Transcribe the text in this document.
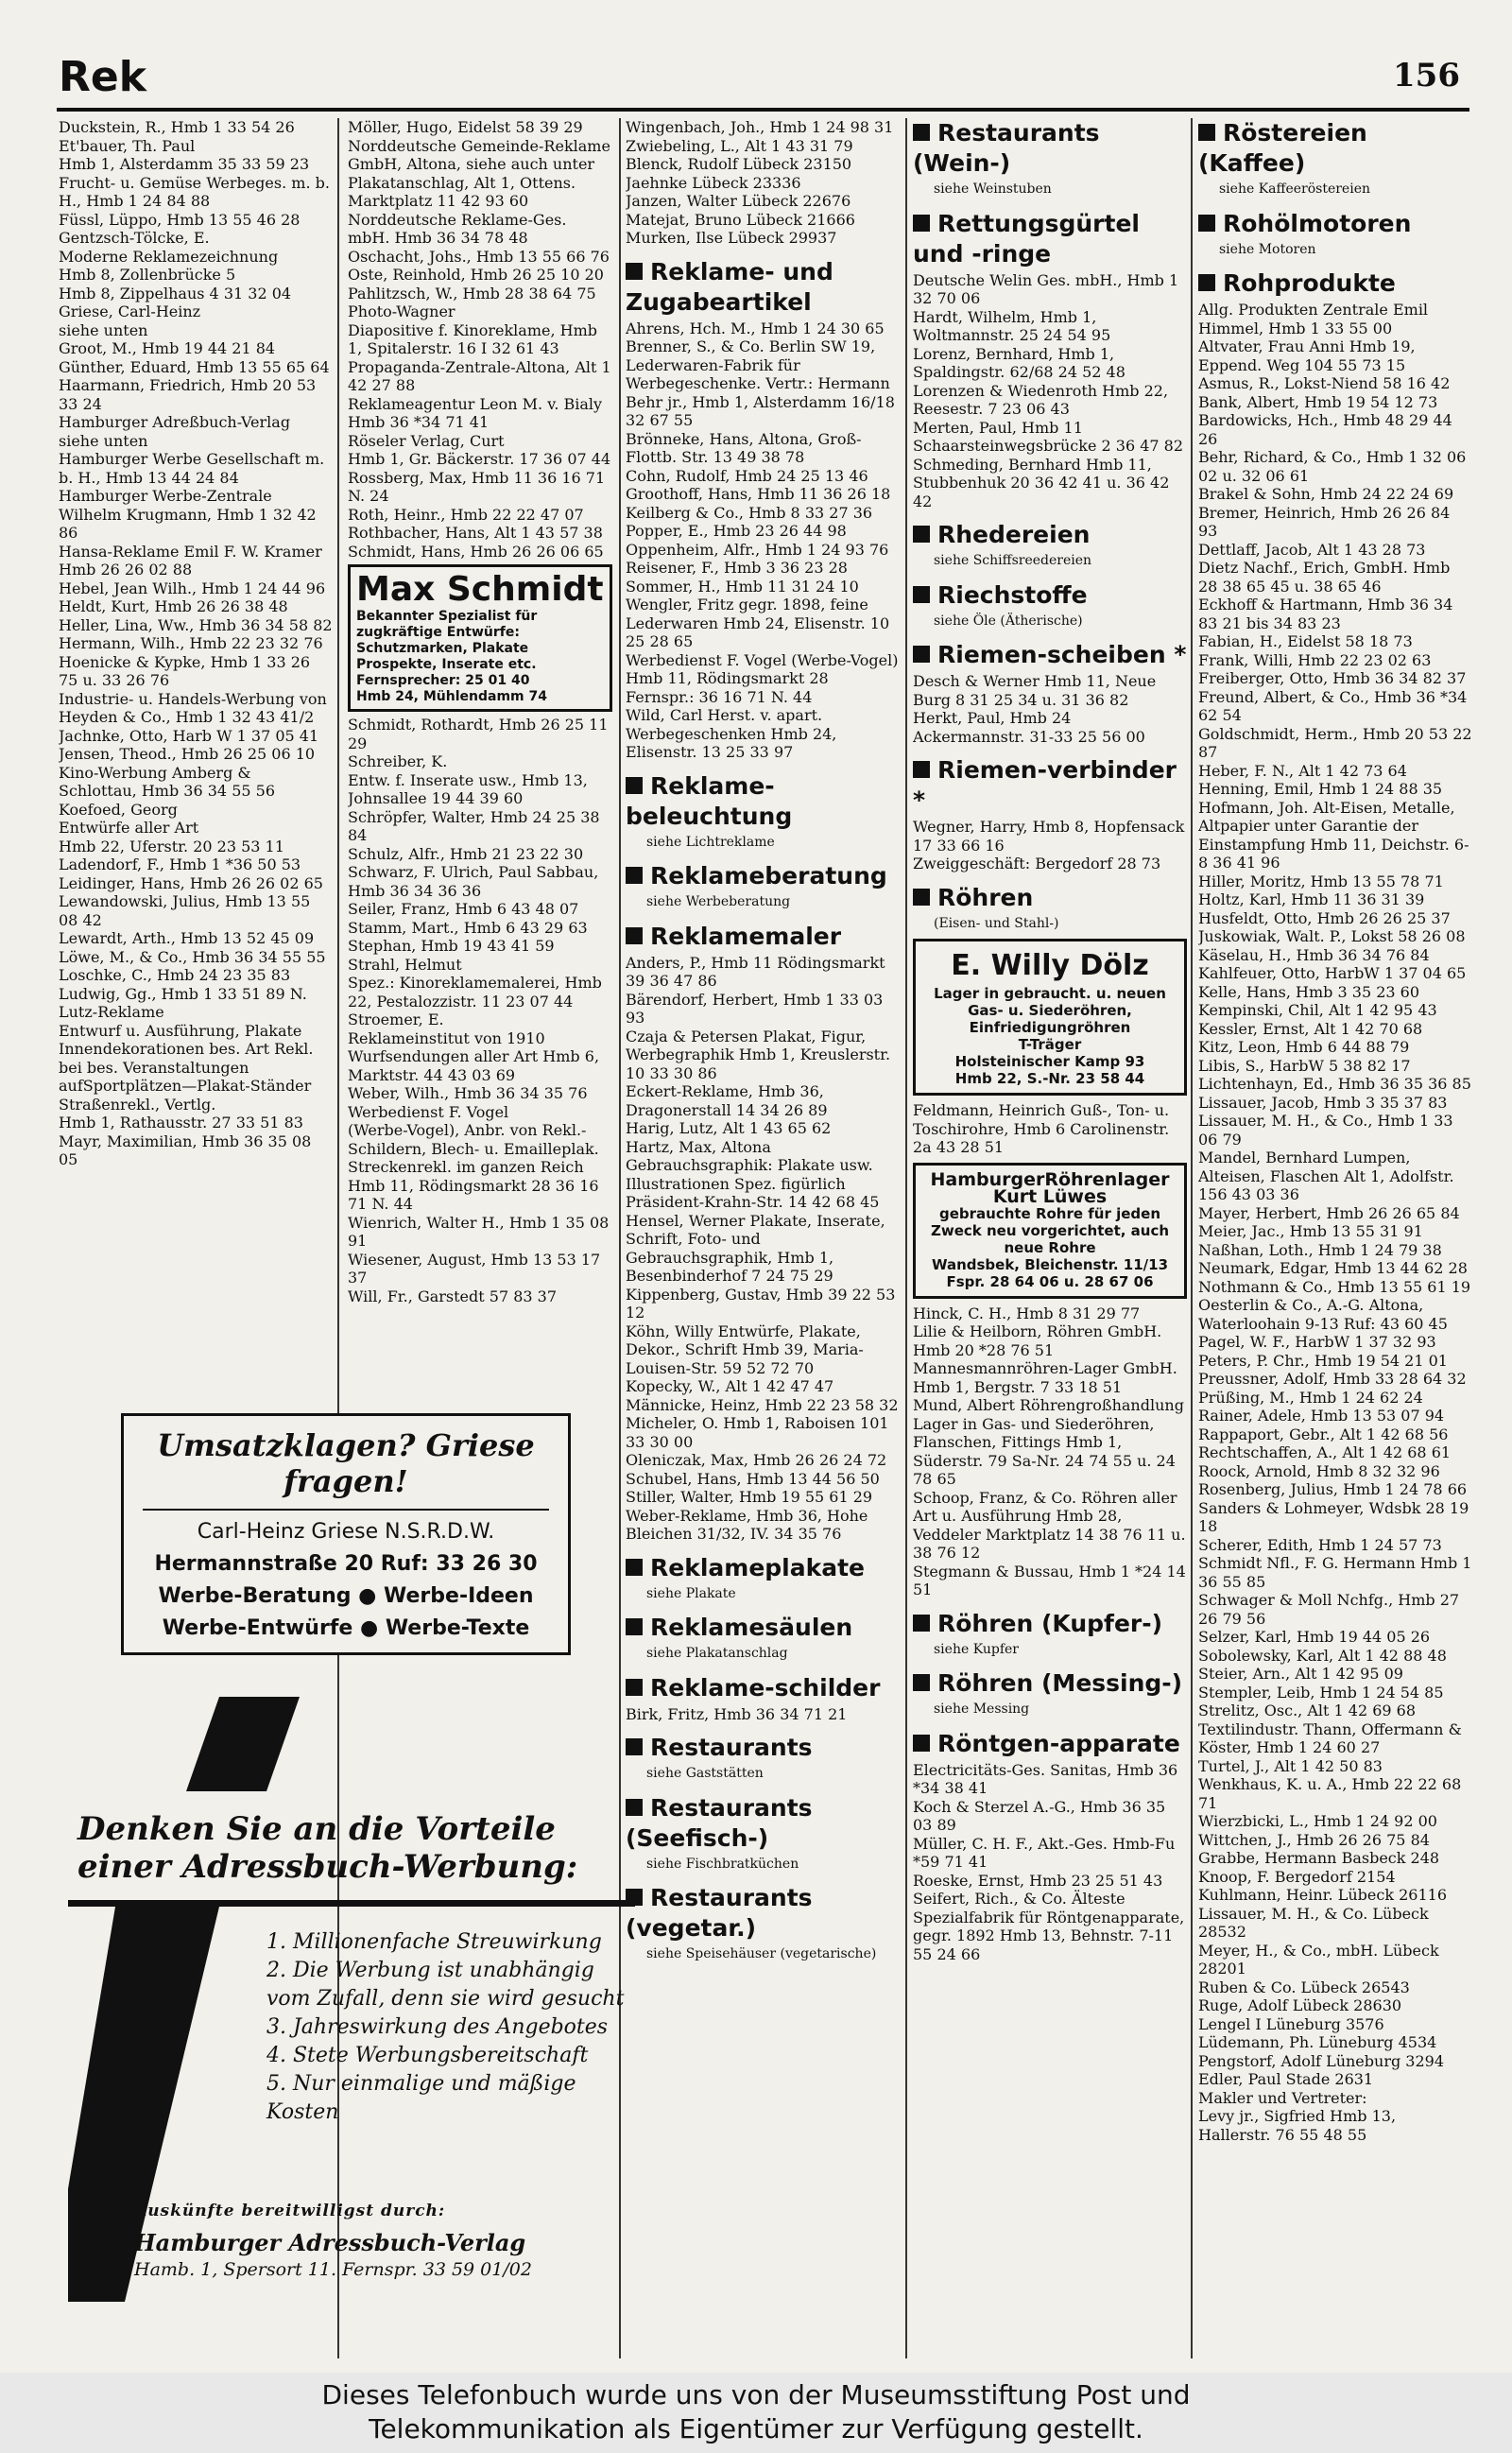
Rek	156
Duckstein, R., Hmb 1 33 54 26
Et'bauer, Th. Paul
Hmb 1, Alsterdamm 35 33 59 23
Frucht- u. Gemüse Werbeges. m. b. H., Hmb 1 24 84 88
Füssl, Lüppo, Hmb 13 55 46 28
Gentzsch-Tölcke, E.
Moderne Reklamezeichnung
Hmb 8, Zollenbrücke 5
Hmb 8, Zippelhaus 4 31 32 04
Griese, Carl-Heinz
siehe unten
Groot, M., Hmb 19 44 21 84
Günther, Eduard, Hmb 13 55 65 64
Haarmann, Friedrich, Hmb 20 53 33 24
Hamburger Adreßbuch-Verlag siehe unten
Hamburger Werbe Gesellschaft m. b. H., Hmb 13 44 24 84
Hamburger Werbe-Zentrale Wilhelm Krugmann, Hmb 1 32 42 86
Hansa-Reklame Emil F. W. Kramer Hmb 26 26 02 88
Hebel, Jean Wilh., Hmb 1 24 44 96
Heldt, Kurt, Hmb 26 26 38 48
Heller, Lina, Ww., Hmb 36 34 58 82
Hermann, Wilh., Hmb 22 23 32 76
Hoenicke & Kypke, Hmb 1 33 26 75 u. 33 26 76
Industrie- u. Handels-Werbung von Heyden & Co., Hmb 1 32 43 41/2
Jachnke, Otto, Harb W 1 37 05 41
Jensen, Theod., Hmb 26 25 06 10
Kino-Werbung Amberg & Schlottau, Hmb 36 34 55 56
Koefoed, Georg
Entwürfe aller Art
Hmb 22, Uferstr. 20 23 53 11
Ladendorf, F., Hmb 1 *36 50 53
Leidinger, Hans, Hmb 26 26 02 65
Lewandowski, Julius, Hmb 13 55 08 42
Lewardt, Arth., Hmb 13 52 45 09
Löwe, M., & Co., Hmb 36 34 55 55
Loschke, C., Hmb 24 23 35 83
Ludwig, Gg., Hmb 1 33 51 89 N.
Lutz-Reklame
Entwurf u. Ausführung, Plakate Innendekorationen bes. Art Rekl. bei bes. Veranstaltungen aufSportplätzen—Plakat-Ständer Straßenrekl., Vertlg.
Hmb 1, Rathausstr. 27 33 51 83
Mayr, Maximilian, Hmb 36 35 08 05
Umsatzklagen? Griese fragen!
Carl-Heinz Griese N.S.R.D.W.
Hermannstraße 20 Ruf: 33 26 30
Werbe-Beratung ● Werbe-Ideen
Werbe-Entwürfe ● Werbe-Texte
Denken Sie an die Vorteile
einer Adressbuch-Werbung:
1. Millionenfache Streuwirkung
2. Die Werbung ist unabhängig vom Zufall, denn sie wird gesucht
3. Jahreswirkung des Angebotes
4. Stete Werbungsbereitschaft
5. Nur einmalige und mäßige Kosten
Auskünfte bereitwilligst durch:
Hamburger Adressbuch-Verlag
Hamb. 1, Spersort 11. Fernspr. 33 59 01/02
Möller, Hugo, Eidelst 58 39 29
Norddeutsche Gemeinde-Reklame
GmbH, Altona, siehe auch unter Plakatanschlag, Alt 1, Ottens. Marktplatz 11 42 93 60
Norddeutsche Reklame-Ges. mbH. Hmb 36 34 78 48
Oschacht, Johs., Hmb 13 55 66 76
Oste, Reinhold, Hmb 26 25 10 20
Pahlitzsch, W., Hmb 28 38 64 75
Photo-Wagner
Diapositive f. Kinoreklame, Hmb 1, Spitalerstr. 16 I 32 61 43
Propaganda-Zentrale-Altona, Alt 1 42 27 88
Reklameagentur Leon M. v. Bialy Hmb 36 *34 71 41
Röseler Verlag, Curt
Hmb 1, Gr. Bäckerstr. 17 36 07 44
Rossberg, Max, Hmb 11 36 16 71 N. 24
Roth, Heinr., Hmb 22 22 47 07
Rothbacher, Hans, Alt 1 43 57 38
Schmidt, Hans, Hmb 26 26 06 65
Max Schmidt
Bekannter Spezialist für zugkräftige Entwürfe:
Schutzmarken, Plakate Prospekte, Inserate etc.
Fernsprecher: 25 01 40
Hmb 24, Mühlendamm 74
Schmidt, Rothardt, Hmb 26 25 11 29
Schreiber, K.
Entw. f. Inserate usw., Hmb 13, Johnsallee 19 44 39 60
Schröpfer, Walter, Hmb 24 25 38 84
Schulz, Alfr., Hmb 21 23 22 30
Schwarz, F. Ulrich, Paul Sabbau, Hmb 36 34 36 36
Seiler, Franz, Hmb 6 43 48 07
Stamm, Mart., Hmb 6 43 29 63
Stephan, Hmb 19 43 41 59
Strahl, Helmut
Spez.: Kinoreklamemalerei, Hmb 22, Pestalozzistr. 11 23 07 44
Stroemer, E.
Reklameinstitut von 1910 Wurfsendungen aller Art Hmb 6, Marktstr. 44 43 03 69
Weber, Wilh., Hmb 36 34 35 76
Werbedienst F. Vogel
(Werbe-Vogel), Anbr. von Rekl.-Schildern, Blech- u. Emailleplak. Streckenrekl. im ganzen Reich Hmb 11, Rödingsmarkt 28 36 16 71 N. 44
Wienrich, Walter H., Hmb 1 35 08 91
Wiesener, August, Hmb 13 53 17 37
Will, Fr., Garstedt 57 83 37
Wingenbach, Joh., Hmb 1 24 98 31
Zwiebeling, L., Alt 1 43 31 79
Blenck, Rudolf Lübeck 23150
Jaehnke Lübeck 23336
Janzen, Walter Lübeck 22676
Matejat, Bruno Lübeck 21666
Murken, Ilse Lübeck 29937
Reklame- und Zugabeartikel
Ahrens, Hch. M., Hmb 1 24 30 65
Brenner, S., & Co. Berlin SW 19, Lederwaren-Fabrik für Werbegeschenke. Vertr.: Hermann Behr jr., Hmb 1, Alsterdamm 16/18 32 67 55
Brönneke, Hans, Altona, Groß-Flottb. Str. 13 49 38 78
Cohn, Rudolf, Hmb 24 25 13 46
Groothoff, Hans, Hmb 11 36 26 18
Keilberg & Co., Hmb 8 33 27 36
Popper, E., Hmb 23 26 44 98
Oppenheim, Alfr., Hmb 1 24 93 76
Reisener, F., Hmb 3 36 23 28
Sommer, H., Hmb 11 31 24 10
Wengler, Fritz gegr. 1898, feine Lederwaren Hmb 24, Elisenstr. 10 25 28 65
Werbedienst F. Vogel (Werbe-Vogel) Hmb 11, Rödingsmarkt 28 Fernspr.: 36 16 71 N. 44
Wild, Carl Herst. v. apart. Werbegeschenken Hmb 24, Elisenstr. 13 25 33 97
Reklame-beleuchtung
siehe Lichtreklame
Reklameberatung
siehe Werbeberatung
Reklamemaler
Anders, P., Hmb 11 Rödingsmarkt 39 36 47 86
Bärendorf, Herbert, Hmb 1 33 03 93
Czaja & Petersen Plakat, Figur, Werbegraphik Hmb 1, Kreuslerstr. 10 33 30 86
Eckert-Reklame, Hmb 36, Dragonerstall 14 34 26 89
Harig, Lutz, Alt 1 43 65 62
Hartz, Max, Altona Gebrauchsgraphik: Plakate usw. Illustrationen Spez. figürlich Präsident-Krahn-Str. 14 42 68 45
Hensel, Werner Plakate, Inserate, Schrift, Foto- und Gebrauchsgraphik, Hmb 1, Besenbinderhof 7 24 75 29
Kippenberg, Gustav, Hmb 39 22 53 12
Köhn, Willy Entwürfe, Plakate, Dekor., Schrift Hmb 39, Maria-Louisen-Str. 59 52 72 70
Kopecky, W., Alt 1 42 47 47
Männicke, Heinz, Hmb 22 23 58 32
Micheler, O. Hmb 1, Raboisen 101 33 30 00
Oleniczak, Max, Hmb 26 26 24 72
Schubel, Hans, Hmb 13 44 56 50
Stiller, Walter, Hmb 19 55 61 29
Weber-Reklame, Hmb 36, Hohe Bleichen 31/32, IV. 34 35 76
Reklameplakate
siehe Plakate
Reklamesäulen
siehe Plakatanschlag
Reklame-schilder
Birk, Fritz, Hmb 36 34 71 21
Restaurants
siehe Gaststätten
Restaurants (Seefisch-)
siehe Fischbratküchen
Restaurants (vegetar.)
siehe Speisehäuser (vegetarische)
Restaurants (Wein-)
siehe Weinstuben
Rettungsgürtel und -ringe
Deutsche Welin Ges. mbH., Hmb 1 32 70 06
Hardt, Wilhelm, Hmb 1, Woltmannstr. 25 24 54 95
Lorenz, Bernhard, Hmb 1, Spaldingstr. 62/68 24 52 48
Lorenzen & Wiedenroth Hmb 22, Reesestr. 7 23 06 43
Merten, Paul, Hmb 11 Schaarsteinwegsbrücke 2 36 47 82
Schmeding, Bernhard Hmb 11, Stubbenhuk 20 36 42 41 u. 36 42 42
Rhedereien
siehe Schiffsreedereien
Riechstoffe
siehe Öle (Ätherische)
Riemen-scheiben *
Desch & Werner Hmb 11, Neue Burg 8 31 25 34 u. 31 36 82
Herkt, Paul, Hmb 24 Ackermannstr. 31-33 25 56 00
Riemen-verbinder *
Wegner, Harry, Hmb 8, Hopfensack 17 33 66 16
Zweiggeschäft: Bergedorf 28 73
Röhren
(Eisen- und Stahl-)
E. Willy Dölz
Lager in gebraucht. u. neuen
Gas- u. Siederöhren,
Einfriedigungröhren
T-Träger
Holsteinischer Kamp 93
Hmb 22, S.-Nr. 23 58 44
Feldmann, Heinrich Guß-, Ton- u. Toschirohre, Hmb 6 Carolinenstr. 2a 43 28 51
HamburgerRöhrenlager
Kurt Lüwes
gebrauchte Rohre für jeden Zweck neu vorgerichtet, auch neue Rohre
Wandsbek, Bleichenstr. 11/13
Fspr. 28 64 06 u. 28 67 06
Hinck, C. H., Hmb 8 31 29 77
Lilie & Heilborn, Röhren GmbH. Hmb 20 *28 76 51
Mannesmannröhren-Lager GmbH. Hmb 1, Bergstr. 7 33 18 51
Mund, Albert Röhrengroßhandlung Lager in Gas- und Siederöhren, Flanschen, Fittings Hmb 1, Süderstr. 79 Sa-Nr. 24 74 55 u. 24 78 65
Schoop, Franz, & Co. Röhren aller Art u. Ausführung Hmb 28, Veddeler Marktplatz 14 38 76 11 u. 38 76 12
Stegmann & Bussau, Hmb 1 *24 14 51
Röhren (Kupfer-)
siehe Kupfer
Röhren (Messing-)
siehe Messing
Röntgen-apparate
Electricitäts-Ges. Sanitas, Hmb 36 *34 38 41
Koch & Sterzel A.-G., Hmb 36 35 03 89
Müller, C. H. F., Akt.-Ges. Hmb-Fu *59 71 41
Roeske, Ernst, Hmb 23 25 51 43
Seifert, Rich., & Co. Älteste Spezialfabrik für Röntgenapparate, gegr. 1892 Hmb 13, Behnstr. 7-11 55 24 66
Röstereien (Kaffee)
siehe Kaffeeröstereien
Rohölmotoren
siehe Motoren
Rohprodukte
Allg. Produkten Zentrale Emil Himmel, Hmb 1 33 55 00
Altvater, Frau Anni Hmb 19, Eppend. Weg 104 55 73 15
Asmus, R., Lokst-Niend 58 16 42
Bank, Albert, Hmb 19 54 12 73
Bardowicks, Hch., Hmb 48 29 44 26
Behr, Richard, & Co., Hmb 1 32 06 02 u. 32 06 61
Brakel & Sohn, Hmb 24 22 24 69
Bremer, Heinrich, Hmb 26 26 84 93
Dettlaff, Jacob, Alt 1 43 28 73
Dietz Nachf., Erich, GmbH. Hmb 28 38 65 45 u. 38 65 46
Eckhoff & Hartmann, Hmb 36 34 83 21 bis 34 83 23
Fabian, H., Eidelst 58 18 73
Frank, Willi, Hmb 22 23 02 63
Freiberger, Otto, Hmb 36 34 82 37
Freund, Albert, & Co., Hmb 36 *34 62 54
Goldschmidt, Herm., Hmb 20 53 22 87
Heber, F. N., Alt 1 42 73 64
Henning, Emil, Hmb 1 24 88 35
Hofmann, Joh. Alt-Eisen, Metalle, Altpapier unter Garantie der Einstampfung Hmb 11, Deichstr. 6-8 36 41 96
Hiller, Moritz, Hmb 13 55 78 71
Holtz, Karl, Hmb 11 36 31 39
Husfeldt, Otto, Hmb 26 26 25 37
Juskowiak, Walt. P., Lokst 58 26 08
Käselau, H., Hmb 36 34 76 84
Kahlfeuer, Otto, HarbW 1 37 04 65
Kelle, Hans, Hmb 3 35 23 60
Kempinski, Chil, Alt 1 42 95 43
Kessler, Ernst, Alt 1 42 70 68
Kitz, Leon, Hmb 6 44 88 79
Libis, S., HarbW 5 38 82 17
Lichtenhayn, Ed., Hmb 36 35 36 85
Lissauer, Jacob, Hmb 3 35 37 83
Lissauer, M. H., & Co., Hmb 1 33 06 79
Mandel, Bernhard Lumpen, Alteisen, Flaschen Alt 1, Adolfstr. 156 43 03 36
Mayer, Herbert, Hmb 26 26 65 84
Meier, Jac., Hmb 13 55 31 91
Naßhan, Loth., Hmb 1 24 79 38
Neumark, Edgar, Hmb 13 44 62 28
Nothmann & Co., Hmb 13 55 61 19
Oesterlin & Co., A.-G. Altona, Waterloohain 9-13 Ruf: 43 60 45
Pagel, W. F., HarbW 1 37 32 93
Peters, P. Chr., Hmb 19 54 21 01
Preussner, Adolf, Hmb 33 28 64 32
Prüßing, M., Hmb 1 24 62 24
Rainer, Adele, Hmb 13 53 07 94
Rappaport, Gebr., Alt 1 42 68 56
Rechtschaffen, A., Alt 1 42 68 61
Roock, Arnold, Hmb 8 32 32 96
Rosenberg, Julius, Hmb 1 24 78 66
Sanders & Lohmeyer, Wdsbk 28 19 18
Scherer, Edith, Hmb 1 24 57 73
Schmidt Nfl., F. G. Hermann Hmb 1 36 55 85
Schwager & Moll Nchfg., Hmb 27 26 79 56
Selzer, Karl, Hmb 19 44 05 26
Sobolewsky, Karl, Alt 1 42 88 48
Steier, Arn., Alt 1 42 95 09
Stempler, Leib, Hmb 1 24 54 85
Strelitz, Osc., Alt 1 42 69 68
Textilindustr. Thann, Offermann & Köster, Hmb 1 24 60 27
Turtel, J., Alt 1 42 50 83
Wenkhaus, K. u. A., Hmb 22 22 68 71
Wierzbicki, L., Hmb 1 24 92 00
Wittchen, J., Hmb 26 26 75 84
Grabbe, Hermann Basbeck 248
Knoop, F. Bergedorf 2154
Kuhlmann, Heinr. Lübeck 26116
Lissauer, M. H., & Co. Lübeck 28532
Meyer, H., & Co., mbH. Lübeck 28201
Ruben & Co. Lübeck 26543
Ruge, Adolf Lübeck 28630
Lengel I Lüneburg 3576
Lüdemann, Ph. Lüneburg 4534
Pengstorf, Adolf Lüneburg 3294
Edler, Paul Stade 2631
Makler und Vertreter:
Levy jr., Sigfried Hmb 13, Hallerstr. 76 55 48 55
Dieses Telefonbuch wurde uns von der Museumsstiftung Post und
Telekommunikation als Eigentümer zur Verfügung gestellt.
